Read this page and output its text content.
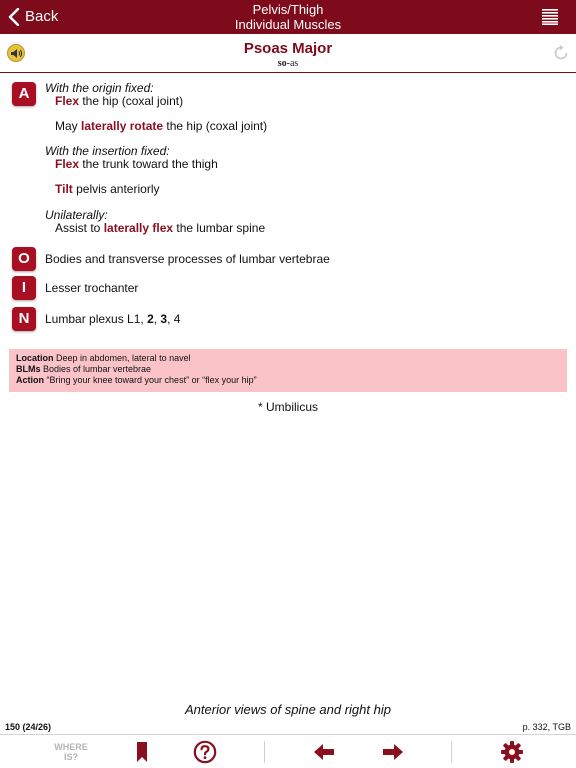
Back	Pelvis/Thigh
Individual Muscles
Psoas Major
so-as
A	With the origin fixed:
Flex the hip (coxal joint)
May laterally rotate the hip (coxal joint)
With the insertion fixed:
Flex the trunk toward the thigh
Tilt pelvis anteriorly
Unilaterally:
Assist to laterally flex the lumbar spine
O	Bodies and transverse processes of lumbar vertebrae
I	Lesser trochanter
N	Lumbar plexus L1, 2, 3, 4
Location Deep in abdomen, lateral to navel
BLMs Bodies of lumbar vertebrae
Action “Bring your knee toward your chest” or “flex your hip”
* Umbilicus
Anterior views of spine and right hip
150 (24/26)	p. 332, TGB
WHERE
IS?
